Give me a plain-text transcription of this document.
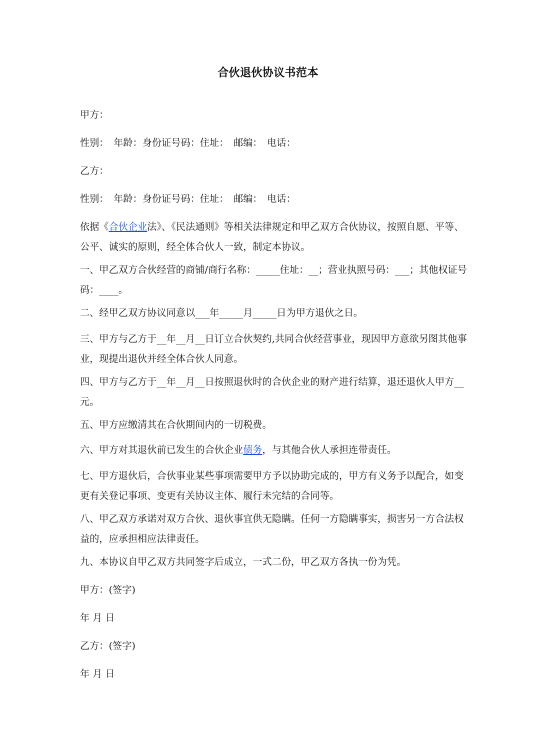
合伙退伙协议书范本
甲方：
性别：　年龄：身份证号码：住址：　邮编：　电话：
乙方：
性别：　年龄：身份证号码：住址：　邮编：　电话：
依据《合伙企业法》、《民法通则》等相关法律规定和甲乙双方合伙协议，按照自愿、平等、公平、诚实的原则，经全体合伙人一致，制定本协议。
一、甲乙双方合伙经营的商铺/商行名称：_____住址：__；营业执照号码：___；其他权证号码：____。
二、经甲乙双方协议同意以___年_____月_____日为甲方退伙之日。
三、甲方与乙方于__年__月__日订立合伙契约,共同合伙经营事业，现因甲方意欲另图其他事业，现提出退伙并经全体合伙人同意。
四、甲方与乙方于__年__月__日按照退伙时的合伙企业的财产进行结算，退还退伙人甲方__元。
五、甲方应缴清其在合伙期间内的一切税费。
六、甲方对其退伙前已发生的合伙企业债务，与其他合伙人承担连带责任。
七、甲方退伙后，合伙事业某些事项需要甲方予以协助完成的，甲方有义务予以配合，如变更有关登记事项、变更有关协议主体、履行未完结的合同等。
八、甲乙双方承诺对双方合伙、退伙事宜供无隐瞒。任何一方隐瞒事实，损害另一方合法权益的，应承担相应法律责任。
九、本协议自甲乙双方共同签字后成立，一式二份，甲乙双方各执一份为凭。
甲方：(签字)
年 月 日
乙方：(签字)
年 月 日
